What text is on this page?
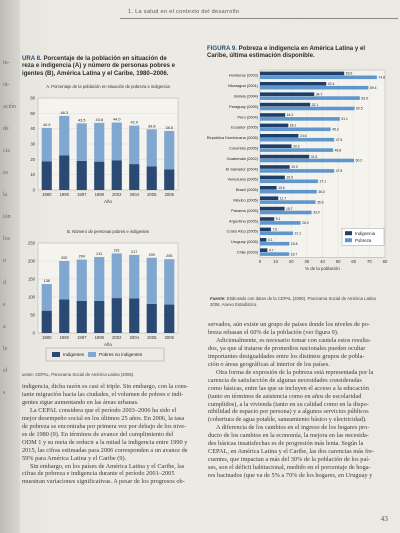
m-
ot-
ación
de
cia
es
la
ión
los
n
d
e
a
le
el
s
1. La salud en el contexto del desarrollo
URA 8. Porcentaje de la población en situación de
reza e indigencia (A) y número de personas pobres e
igentes (B), América Latina y el Caribe, 1980–2006.
A. Porcentaje de la población en situación de pobreza e indigencia
0
10
20
30
40
50
60
40.5
1980
48.3
1990
43.5
1997
43.8
1999
44.0
2002
42.0
2004
39.8
2005
38.5
2006
Año
B. Número de personas pobres e indigentes
0
50
100
150
200
250
136
1980
200
1990
204
1997
211
1999
221
2002
217
2004
209
2005
205
2006
Año
Indigentes	Pobres no indigentes
uente: CEPAL, Panorama Social de América Latina (2006).
FIGURA 9. Pobreza e indigencia en América Latina y el
Caribe, última estimación disponible.
0	10	20	30	40	50	60	70	80
% de la población
Honduras (2003)	74.8
53.9
Nicaragua (2001)	69.4
42.4
Bolivia (2004)	63.9
34.7
Paraguay (2005)	60.5
32.1
Perú (2004)	51.1
16.1
Ecuador (2005)	45.2
18.1
República Dominicana (2005)	47.5
24.6
Colombia (2005)	46.8
20.2
Guatemala (2002)	60.2
31.5
El Salvador (2004)	47.5
19.0
Venezuela (2005)	37.1
15.9
Brasil (2005)	36.3
10.6
México (2005)	35.5
11.7
Panamá (2005)	33.0
15.7
Argentina (2005)	26.0
9.1
Costa Rica (2005)	21.1
7.0
Uruguay (2005)	18.8
4.1
Chile (2003)	18.7
4.7
Indigencia
Pobreza
Fuente: Elaborado con datos de la CEPAL (2006). Panorama Social de América Latina
2006. Anexo Estadístico.
indigencia, dicha razón es casi el triple. Sin embargo, con la cons-
tante migración hacia las ciudades, el volumen de pobres e indi-
gentes sigue aumentando en las áreas urbanas.
La CEPAL considera que el período 2003–2006 ha sido el
mejor desempeño social en los últimos 25 años. En 2006, la tasa
de pobreza se encontraba por primera vez por debajo de los nive-
es de 1980 (9). En términos de avance del cumplimiento del
ODM 1 y su meta de reducir a la mitad la indigencia entre 1990 y
2015, las cifras estimadas para 2006 corresponden a un avance de
59% para América Latina y el Caribe (9).
Sin embargo, en los países de América Latina y el Caribe, las
cifras de pobreza e indigencia durante el período 2001–2005
muestran variaciones significativas. A pesar de los progresos ob-
servados, aún existe un grupo de países donde los niveles de po-
breza rebasan el 60% de la población (ver figura 9).
Adicionalmente, es necesario tomar con cautela estos resulta-
dos, ya que al tratarse de promedios nacionales pueden ocultar
importantes desigualdades entre los distintos grupos de pobla-
ción o áreas geográficas al interior de los países.
Otra forma de expresión de la pobreza está representada por la
carencia de satisfacción de algunas necesidades consideradas
como básicas, entre las que se incluyen el acceso a la educación
(tanto en términos de asistencia como en años de escolaridad
cumplidos), a la vivienda (tanto en su calidad como en la dispo-
nibilidad de espacio por persona) y a algunos servicios públicos
(cobertura de agua potable, saneamiento básico y electricidad).
A diferencia de los cambios en el ingreso de los hogares pro-
ducto de los cambios en la economía, la mejora en las necesida-
des básicas insatisfechas es de progresión más lenta. Según la
CEPAL, en América Latina y el Caribe, las dos carencias más fre-
cuentes, que impactan a más del 30% de la población de los paí-
ses, son el déficit habitacional, medido en el porcentaje de hoga-
res hacinados (que va de 5% a 70% de los hogares, en Uruguay y
43
